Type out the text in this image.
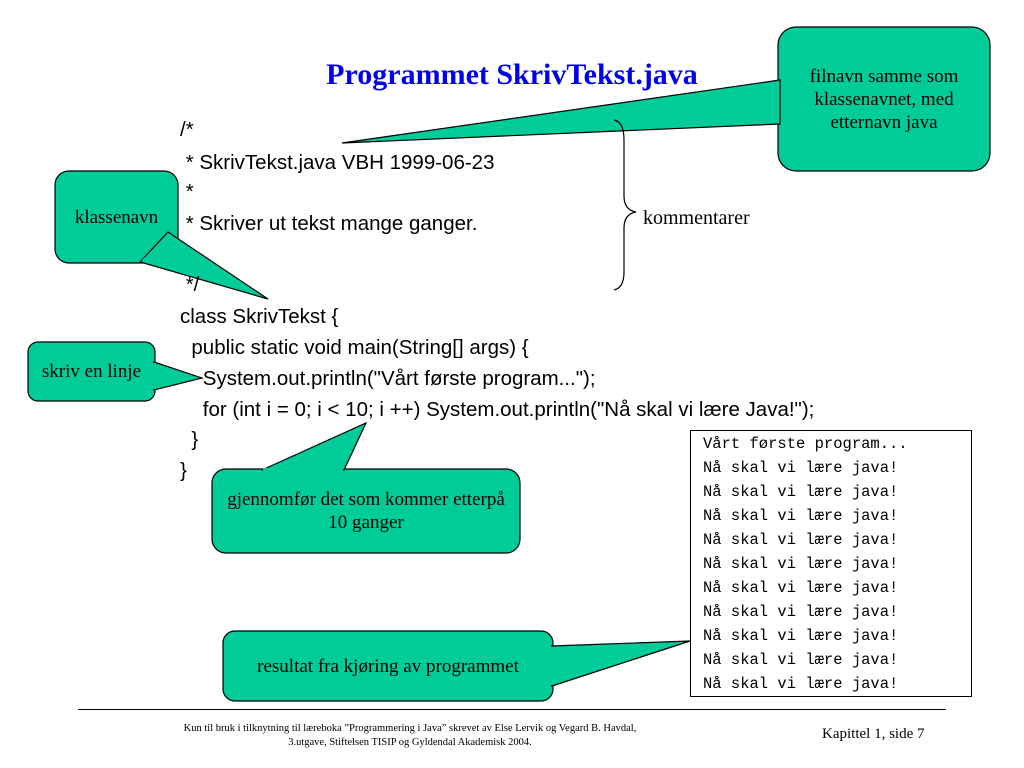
Programmet SkrivTekst.java
/*
* SkrivTekst.java VBH 1999-06-23
*
* Skriver ut tekst mange ganger.
*/
class SkrivTekst {
public static void main(String[] args) {
System.out.println("Vårt første program...");
for (int i = 0; i < 10; i ++) System.out.println("Nå skal vi lære Java!");
}
}
kommentarer
filnavn samme som klassenavnet, med etternavn java
klassenavn
skriv en linje
gjennomfør det som kommer etterpå 10 ganger
resultat fra kjøring av programmet
Vårt første program...
Nå skal vi lære java!
Nå skal vi lære java!
Nå skal vi lære java!
Nå skal vi lære java!
Nå skal vi lære java!
Nå skal vi lære java!
Nå skal vi lære java!
Nå skal vi lære java!
Nå skal vi lære java!
Nå skal vi lære java!
Kun til bruk i tilknytning til læreboka ”Programmering i Java” skrevet av Else Lervik og Vegard B. Havdal,
3.utgave, Stiftelsen TISIP og Gyldendal Akademisk 2004.
Kapittel 1, side 7
